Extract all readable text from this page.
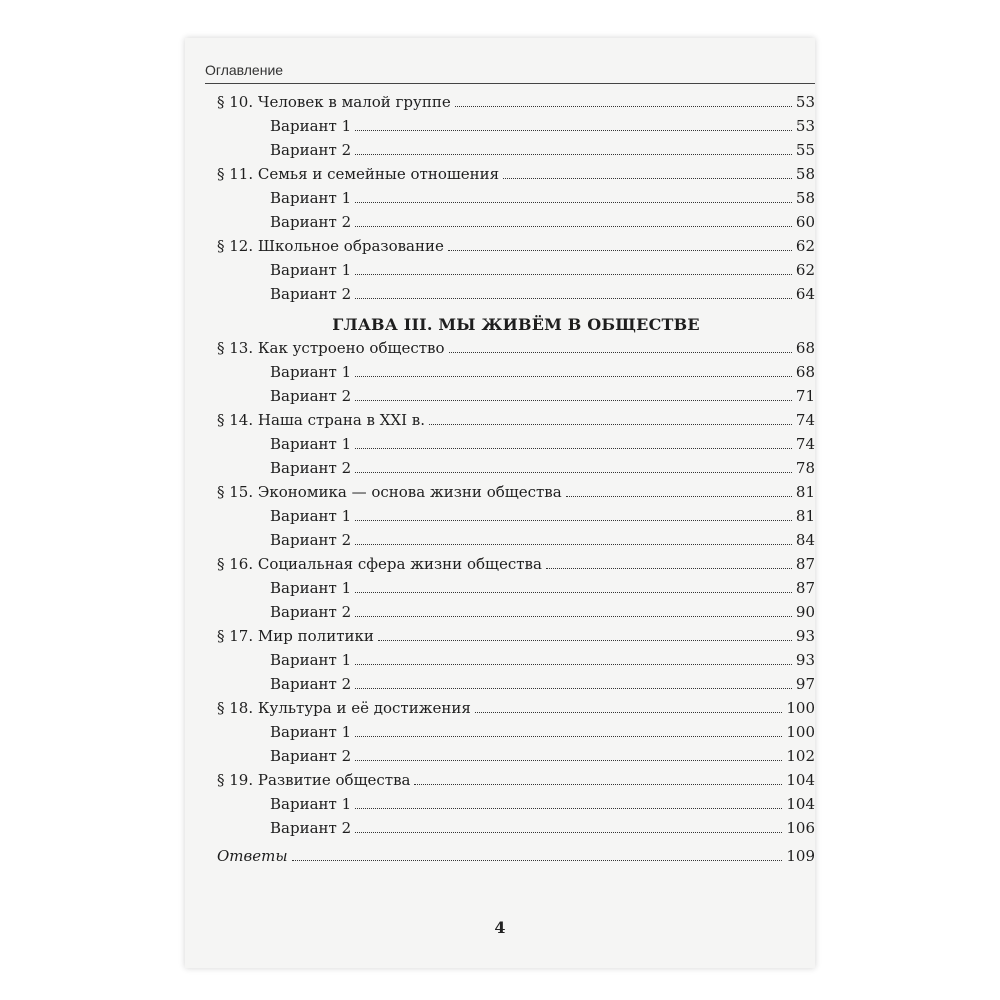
Оглавление
§ 10. Человек в малой группе	53
Вариант 1	53
Вариант 2	55
§ 11. Семья и семейные отношения	58
Вариант 1	58
Вариант 2	60
§ 12. Школьное образование	62
Вариант 1	62
Вариант 2	64
ГЛАВА III. МЫ ЖИВЁМ В ОБЩЕСТВЕ
§ 13. Как устроено общество	68
Вариант 1	68
Вариант 2	71
§ 14. Наша страна в XXI в.	74
Вариант 1	74
Вариант 2	78
§ 15. Экономика — основа жизни общества	81
Вариант 1	81
Вариант 2	84
§ 16. Социальная сфера жизни общества	87
Вариант 1	87
Вариант 2	90
§ 17. Мир политики	93
Вариант 1	93
Вариант 2	97
§ 18. Культура и её достижения	100
Вариант 1	100
Вариант 2	102
§ 19. Развитие общества	104
Вариант 1	104
Вариант 2	106
Ответы	109
4
